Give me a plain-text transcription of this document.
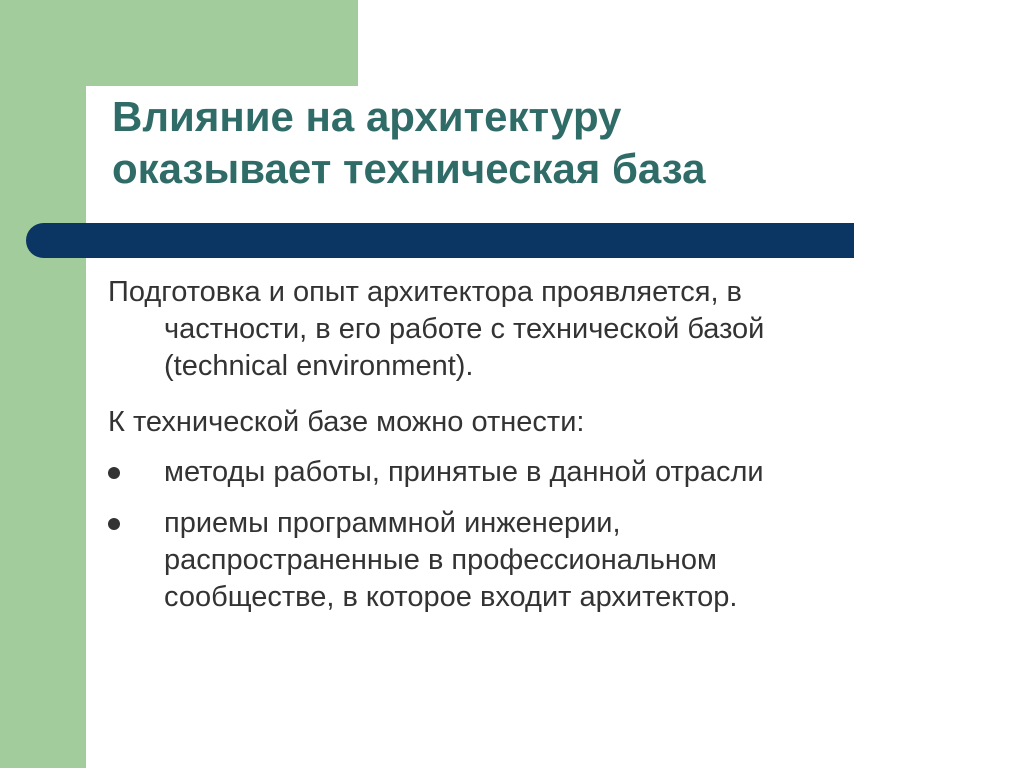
Влияние на архитектуру
оказывает техническая база

Подготовка и опыт архитектора проявляется, в
частности, в его работе с технической базой
(technical environment).

К технической базе можно отнести:

методы работы, принятые в данной отрасли
приемы программной инженерии,
распространенные в профессиональном
сообществе, в которое входит архитектор.
